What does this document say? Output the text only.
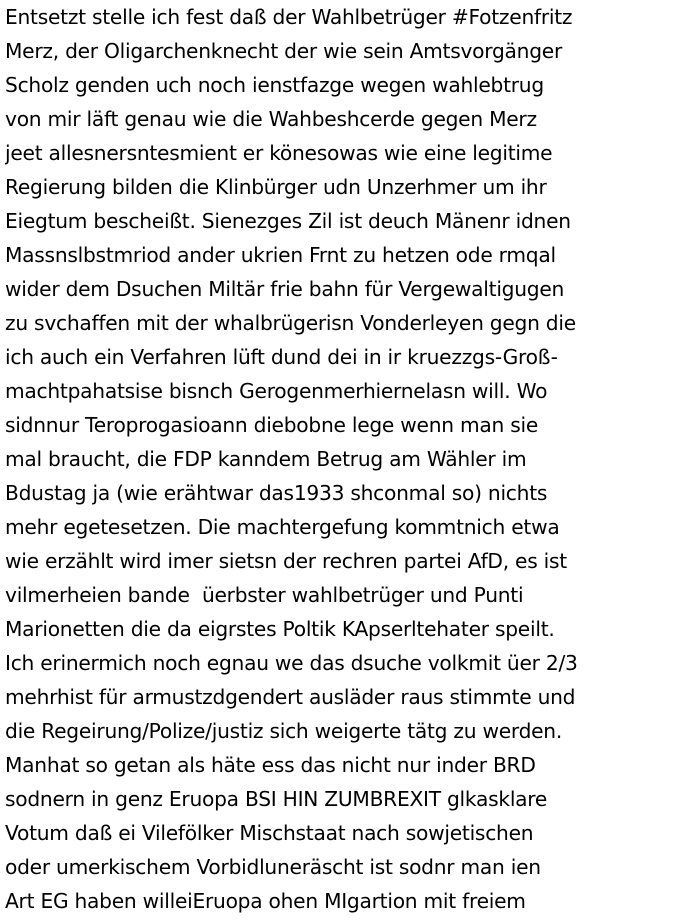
Entsetzt stelle ich fest daß der Wahlbetrüger #Fotzenfritz
Merz, der Oligarchenknecht der wie sein Amtsvorgänger
Scholz genden uch noch ienstfazge wegen wahlebtrug
von mir läft genau wie die Wahbeshcerde gegen Merz
jeet allesnersntesmient er könesowas wie eine legitime
Regierung bilden die Klinbürger udn Unzerhmer um ihr
Eiegtum bescheißt. Sienezges Zil ist deuch Mänenr idnen
Massnslbstmriod ander ukrien Frnt zu hetzen ode rmqal
wider dem Dsuchen Miltär frie bahn für Vergewaltigugen
zu svchaffen mit der whalbrügerisn Vonderleyen gegn die
ich auch ein Verfahren lüft dund dei in ir kruezzgs-Groß-
machtpahatsise bisnch Gerogenmerhiernelasn will. Wo
sidnnur Teroprogasioann diebobne lege wenn man sie
mal braucht, die FDP kanndem Betrug am Wähler im
Bdustag ja (wie erähtwar das1933 shconmal so) nichts
mehr egetesetzen. Die machtergefung kommtnich etwa
wie erzählt wird imer sietsn der rechren partei AfD, es ist
vilmerheien bande  üerbster wahlbetrüger und Punti
Marionetten die da eigrstes Poltik KApserltehater speilt.
Ich erinermich noch egnau we das dsuche volkmit üer 2/3
mehrhist für armustzdgendert ausläder raus stimmte und
die Regeirung/Polize/justiz sich weigerte tätg zu werden.
Manhat so getan als häte ess das nicht nur inder BRD
sodnern in genz Eruopa BSI HIN ZUMBREXIT glkasklare
Votum daß ei Vilefölker Mischstaat nach sowjetischen
oder umerkischem Vorbidluneräscht ist sodnr man ien
Art EG haben willeiEruopa ohen MIgartion mit freiem
